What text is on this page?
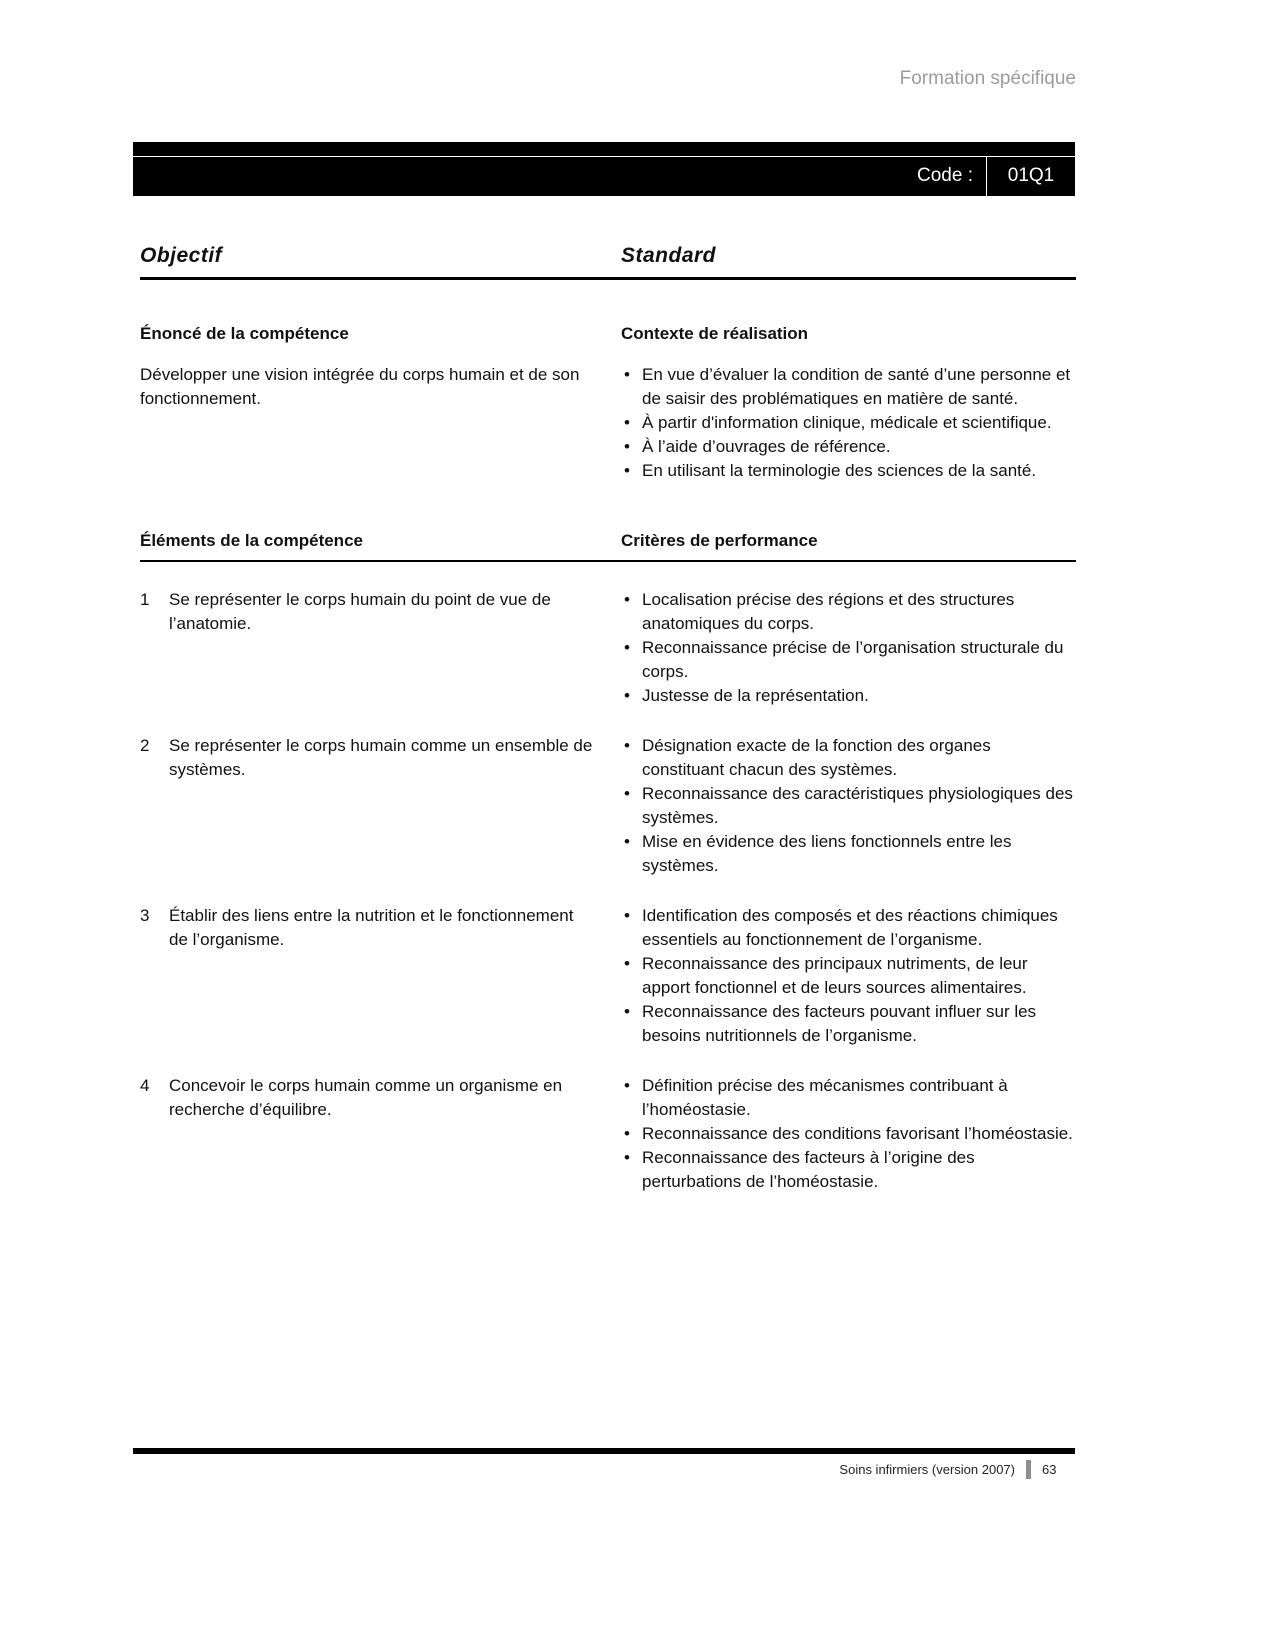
Formation spécifique
Code :	01Q1
Objectif	Standard
Énoncé de la compétence	Contexte de réalisation
Développer une vision intégrée du corps humain et de son fonctionnement.
• En vue d’évaluer la condition de santé d’une personne et de saisir des problématiques en matière de santé.
• À partir d'information clinique, médicale et scientifique.
• À l’aide d’ouvrages de référence.
• En utilisant la terminologie des sciences de la santé.
Éléments de la compétence	Critères de performance
1	Se représenter le corps humain du point de vue de l’anatomie.
• Localisation précise des régions et des structures anatomiques du corps.
• Reconnaissance précise de l’organisation structurale du corps.
• Justesse de la représentation.
2	Se représenter le corps humain comme un ensemble de systèmes.
• Désignation exacte de la fonction des organes constituant chacun des systèmes.
• Reconnaissance des caractéristiques physiologiques des systèmes.
• Mise en évidence des liens fonctionnels entre les systèmes.
3	Établir des liens entre la nutrition et le fonctionnement de l’organisme.
• Identification des composés et des réactions chimiques essentiels au fonctionnement de l’organisme.
• Reconnaissance des principaux nutriments, de leur apport fonctionnel et de leurs sources alimentaires.
• Reconnaissance des facteurs pouvant influer sur les besoins nutritionnels de l’organisme.
4	Concevoir le corps humain comme un organisme en recherche d’équilibre.
• Définition précise des mécanismes contribuant à l’homéostasie.
• Reconnaissance des conditions favorisant l’homéostasie.
• Reconnaissance des facteurs à l’origine des perturbations de l’homéostasie.
Soins infirmiers (version 2007) 63
